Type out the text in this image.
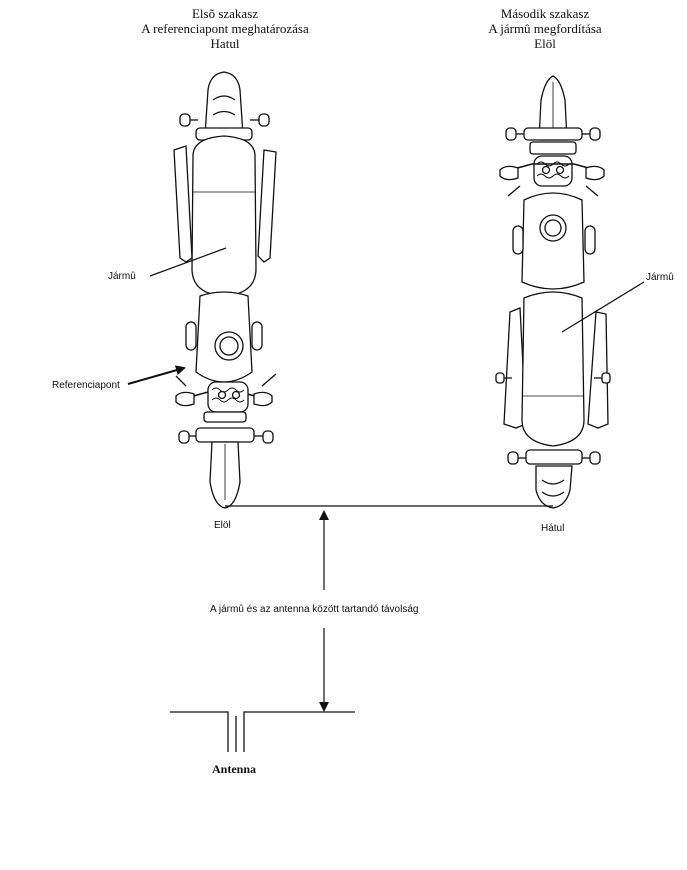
Elsõ szakasz
A referenciapont meghatározása
Hatul
Második szakasz
A jármû megfordítása
Elöl
Jármû	Jármû
Referenciapont
Elöl	Hátul
A jármû és az antenna között tartandó távolság
Antenna
